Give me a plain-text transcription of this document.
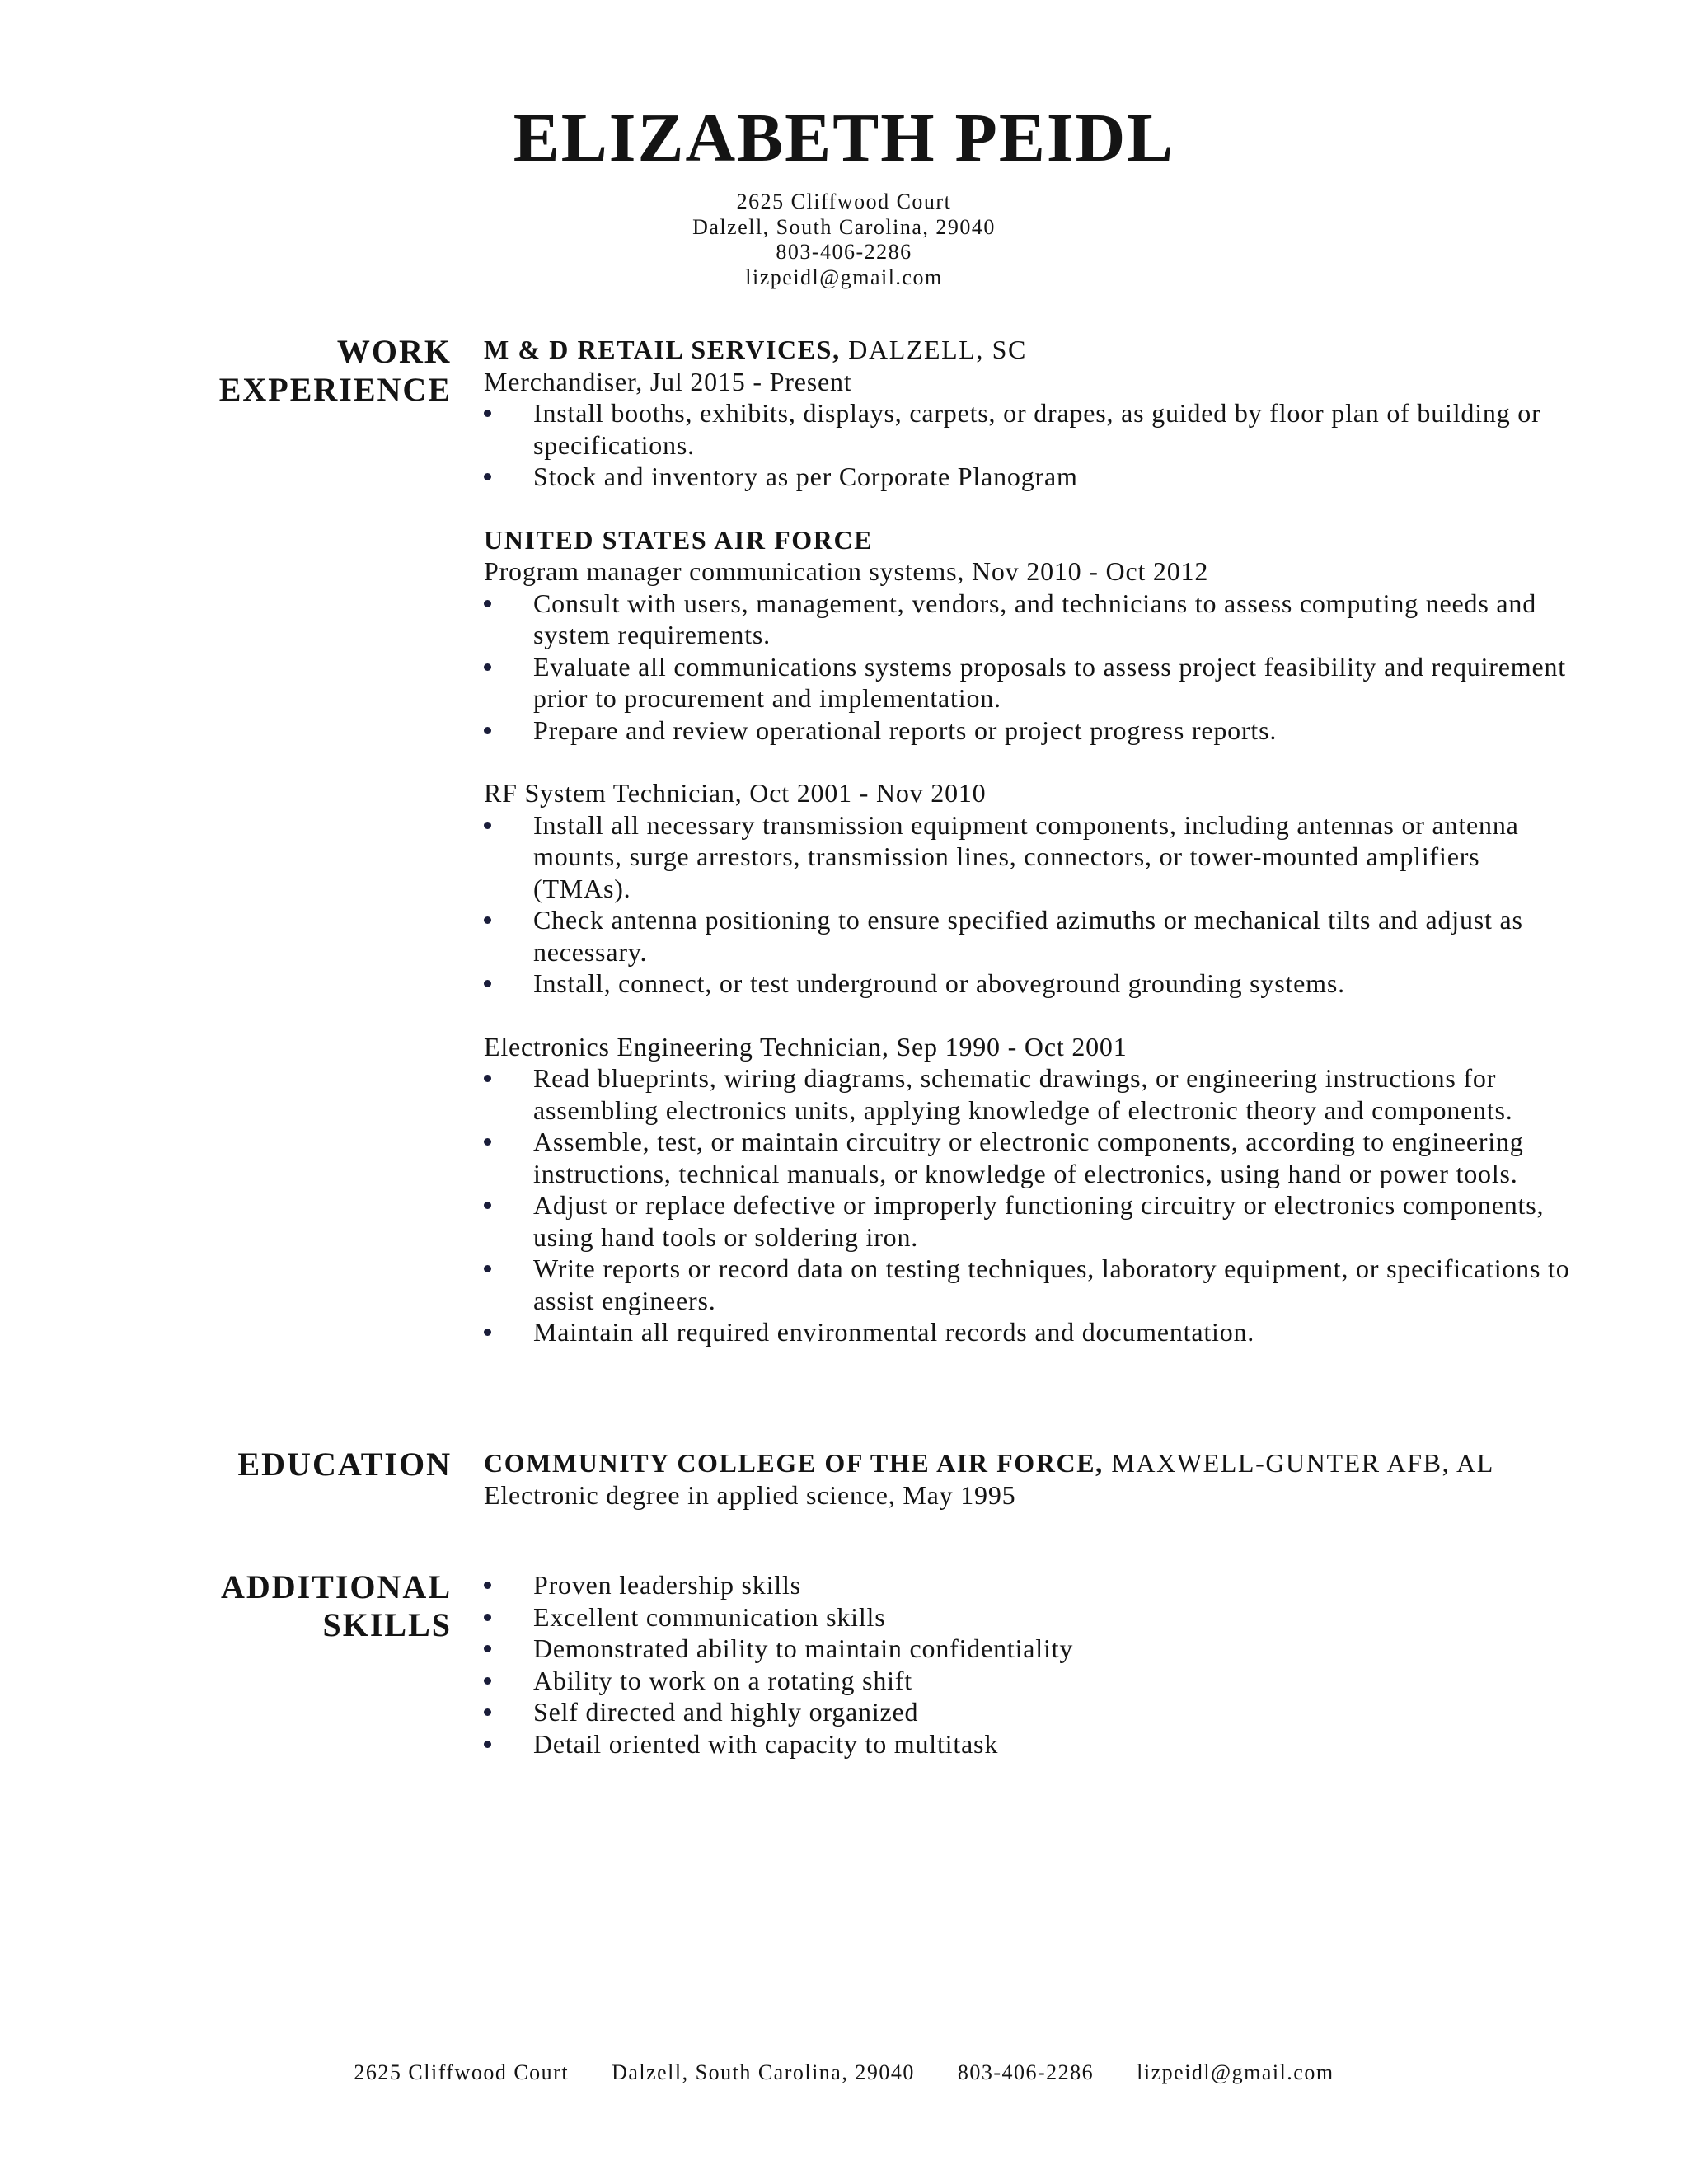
ELIZABETH PEIDL
2625 Cliffwood Court
Dalzell, South Carolina, 29040
803-406-2286
lizpeidl@gmail.com
WORK
EXPERIENCE
M & D RETAIL SERVICES, DALZELL, SC
Merchandiser, Jul 2015 - Present
Install booths, exhibits, displays, carpets, or drapes, as guided by floor plan of building or specifications.
Stock and inventory as per Corporate Planogram
UNITED STATES AIR FORCE
Program manager communication systems, Nov 2010 - Oct 2012
Consult with users, management, vendors, and technicians to assess computing needs and system requirements.
Evaluate all communications systems proposals to assess project feasibility and requirement prior to procurement and implementation.
Prepare and review operational reports or project progress reports.
RF System Technician, Oct 2001 - Nov 2010
Install all necessary transmission equipment components, including antennas or antenna mounts, surge arrestors, transmission lines, connectors, or tower-mounted amplifiers (TMAs).
Check antenna positioning to ensure specified azimuths or mechanical tilts and adjust as necessary.
Install, connect, or test underground or aboveground grounding systems.
Electronics Engineering Technician, Sep 1990 - Oct 2001
Read blueprints, wiring diagrams, schematic drawings, or engineering instructions for assembling electronics units, applying knowledge of electronic theory and components.
Assemble, test, or maintain circuitry or electronic components, according to engineering instructions, technical manuals, or knowledge of electronics, using hand or power tools.
Adjust or replace defective or improperly functioning circuitry or electronics components, using hand tools or soldering iron.
Write reports or record data on testing techniques, laboratory equipment, or specifications to assist engineers.
Maintain all required environmental records and documentation.
EDUCATION COMMUNITY COLLEGE OF THE AIR FORCE, MAXWELL-GUNTER AFB, AL
Electronic degree in applied science, May 1995
ADDITIONAL
SKILLS
Proven leadership skills
Excellent communication skills
Demonstrated ability to maintain confidentiality
Ability to work on a rotating shift
Self directed and highly organized
Detail oriented with capacity to multitask
2625 Cliffwood Court Dalzell, South Carolina, 29040 803-406-2286 lizpeidl@gmail.com
